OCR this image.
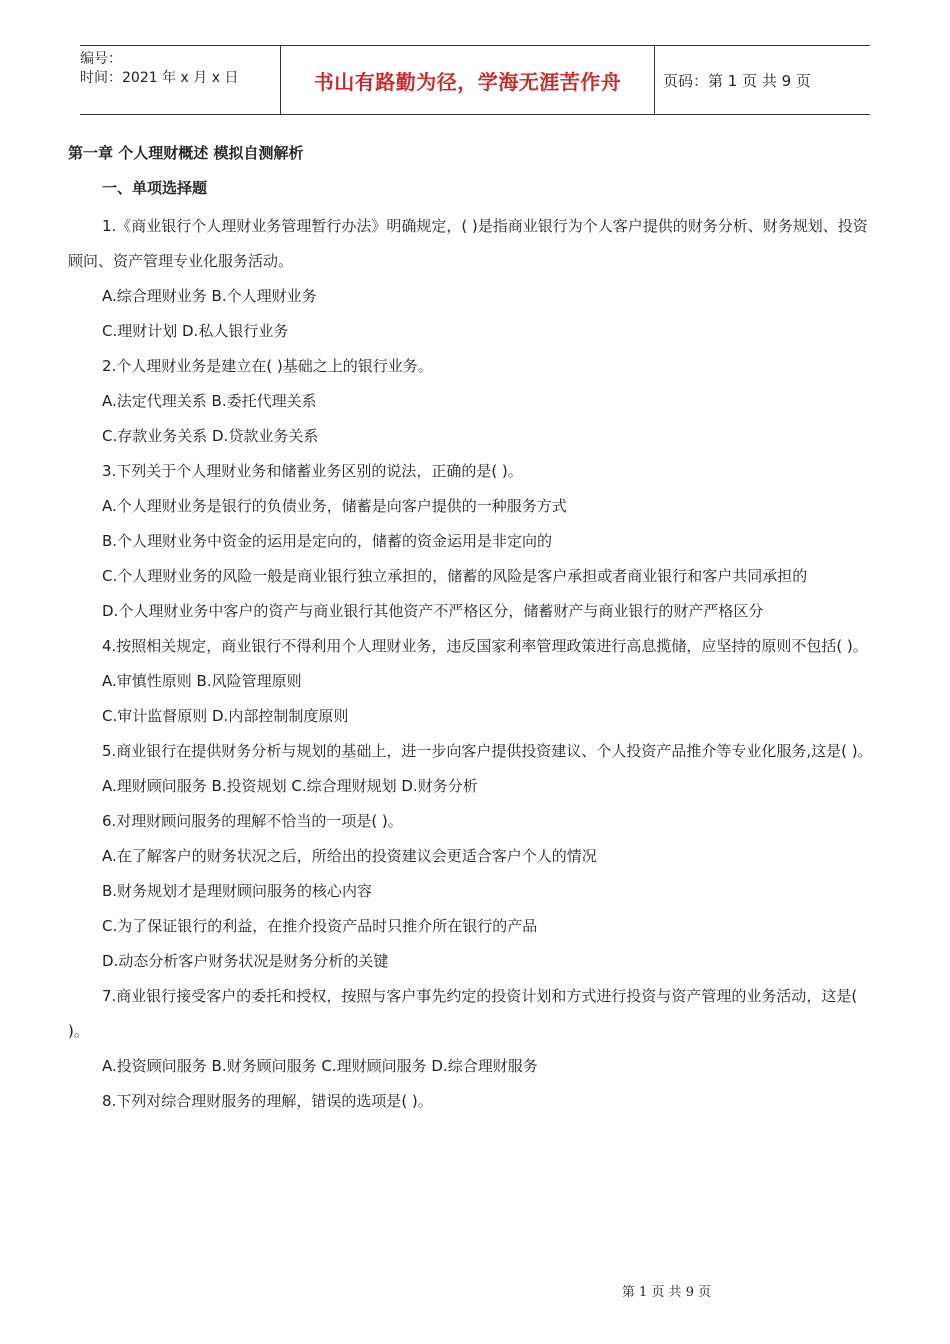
编号：
时间：2021 年 x 月 x 日	书山有路勤为径，学海无涯苦作舟	页码：第 1 页 共 9 页
第一章 个人理财概述 模拟自测解析
一、单项选择题
1.《商业银行个人理财业务管理暂行办法》明确规定，( )是指商业银行为个人客户提供的财务分析、财务规划、投资顾问、资产管理专业化服务活动。
A.综合理财业务 B.个人理财业务
C.理财计划 D.私人银行业务
2.个人理财业务是建立在( )基础之上的银行业务。
A.法定代理关系 B.委托代理关系
C.存款业务关系 D.贷款业务关系
3.下列关于个人理财业务和储蓄业务区别的说法，正确的是( )。
A.个人理财业务是银行的负债业务，储蓄是向客户提供的一种服务方式
B.个人理财业务中资金的运用是定向的，储蓄的资金运用是非定向的
C.个人理财业务的风险一般是商业银行独立承担的，储蓄的风险是客户承担或者商业银行和客户共同承担的
D.个人理财业务中客户的资产与商业银行其他资产不严格区分，储蓄财产与商业银行的财产严格区分
4.按照相关规定，商业银行不得利用个人理财业务，违反国家利率管理政策进行高息揽储，应坚持的原则不包括( )。
A.审慎性原则 B.风险管理原则
C.审计监督原则 D.内部控制制度原则
5.商业银行在提供财务分析与规划的基础上，进一步向客户提供投资建议、个人投资产品推介等专业化服务,这是( )。
A.理财顾问服务 B.投资规划 C.综合理财规划 D.财务分析
6.对理财顾问服务的理解不恰当的一项是( )。
A.在了解客户的财务状况之后，所给出的投资建议会更适合客户个人的情况
B.财务规划才是理财顾问服务的核心内容
C.为了保证银行的利益，在推介投资产品时只推介所在银行的产品
D.动态分析客户财务状况是财务分析的关键
7.商业银行接受客户的委托和授权，按照与客户事先约定的投资计划和方式进行投资与资产管理的业务活动，这是( )。
A.投资顾问服务 B.财务顾问服务 C.理财顾问服务 D.综合理财服务
8.下列对综合理财服务的理解，错误的选项是( )。
第 1 页 共 9 页
